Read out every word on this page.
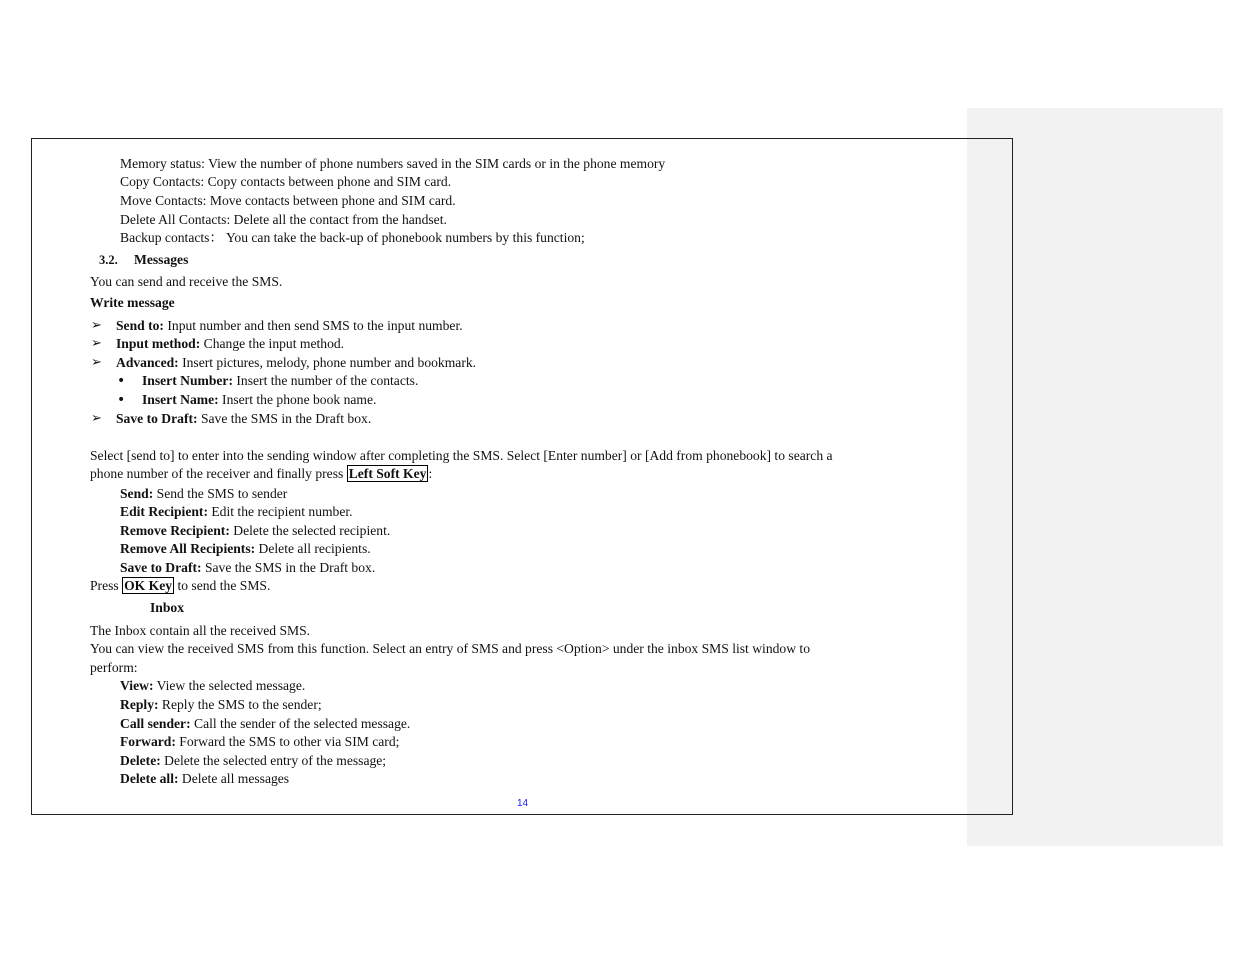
Memory status: View the number of phone numbers saved in the SIM cards or in the phone memory
Copy Contacts: Copy contacts between phone and SIM card.
Move Contacts: Move contacts between phone and SIM card.
Delete All Contacts: Delete all the contact from the handset.
Backup contacts： You can take the back-up of phonebook numbers by this function;
3.2. Messages
You can send and receive the SMS.
Write message
➢ Send to: Input number and then send SMS to the input number.
➢ Input method: Change the input method.
➢ Advanced: Insert pictures, melody, phone number and bookmark.
• Insert Number: Insert the number of the contacts.
• Insert Name: Insert the phone book name.
➢ Save to Draft: Save the SMS in the Draft box.
Select [send to] to enter into the sending window after completing the SMS. Select [Enter number] or [Add from phonebook] to search a
phone number of the receiver and finally press Left Soft Key :
Send: Send the SMS to sender
Edit Recipient: Edit the recipient number.
Remove Recipient: Delete the selected recipient.
Remove All Recipients: Delete all recipients.
Save to Draft: Save the SMS in the Draft box.
Press OK Key to send the SMS.
Inbox
The Inbox contain all the received SMS.
You can view the received SMS from this function. Select an entry of SMS and press <Option> under the inbox SMS list window to
perform:
View: View the selected message.
Reply: Reply the SMS to the sender;
Call sender: Call the sender of the selected message.
Forward: Forward the SMS to other via SIM card;
Delete: Delete the selected entry of the message;
Delete all: Delete all messages
14
